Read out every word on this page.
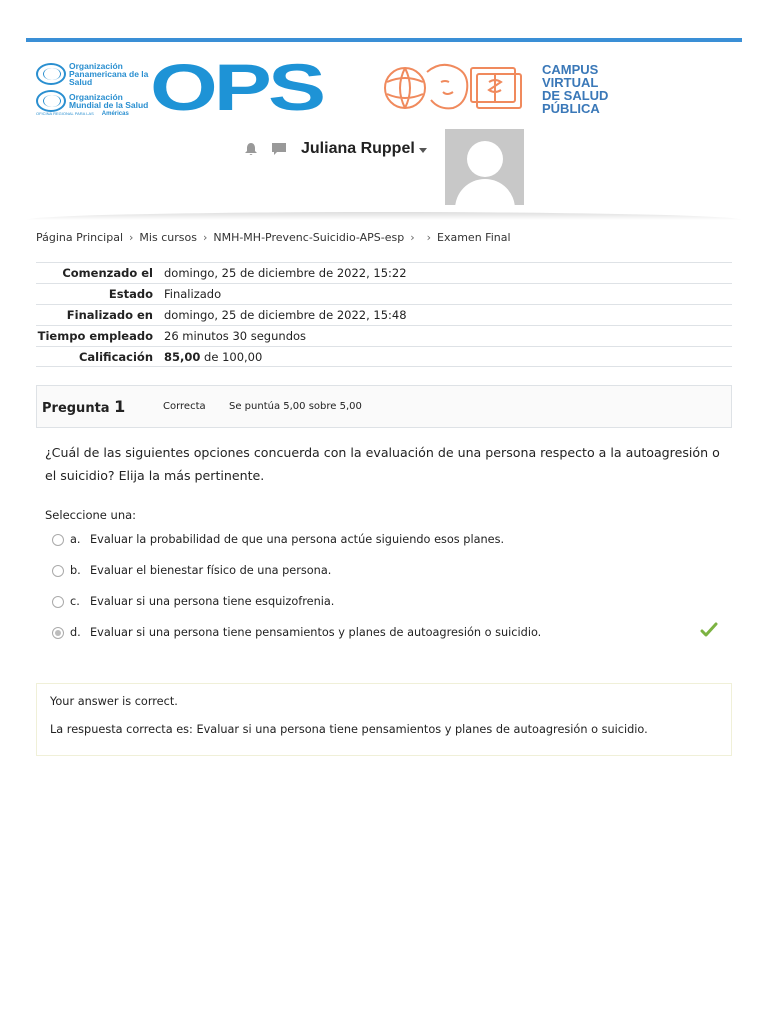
Organización Panamericana de la Salud
Organización Mundial de la Salud
OFICINA REGIONAL PARA LAS Américas OPS	CAMPUS
VIRTUAL
DE SALUD
PÚBLICA
Juliana Ruppel
Página Principal › Mis cursos › NMH-MH-Prevenc-Suicidio-APS-esp › › Examen Final
Comenzado el domingo, 25 de diciembre de 2022, 15:22
Estado Finalizado
Finalizado en domingo, 25 de diciembre de 2022, 15:48
Tiempo empleado 26 minutos 30 segundos
Calificación 85,00 de 100,00
Pregunta 1	Correcta	Se puntúa 5,00 sobre 5,00
¿Cuál de las siguientes opciones concuerda con la evaluación de una persona respecto a la autoagresión o el suicidio? Elija la más pertinente.
Seleccione una:
a. Evaluar la probabilidad de que una persona actúe siguiendo esos planes.
b. Evaluar el bienestar físico de una persona.
c. Evaluar si una persona tiene esquizofrenia.
d. Evaluar si una persona tiene pensamientos y planes de autoagresión o suicidio.
Your answer is correct.
La respuesta correcta es: Evaluar si una persona tiene pensamientos y planes de autoagresión o suicidio.
